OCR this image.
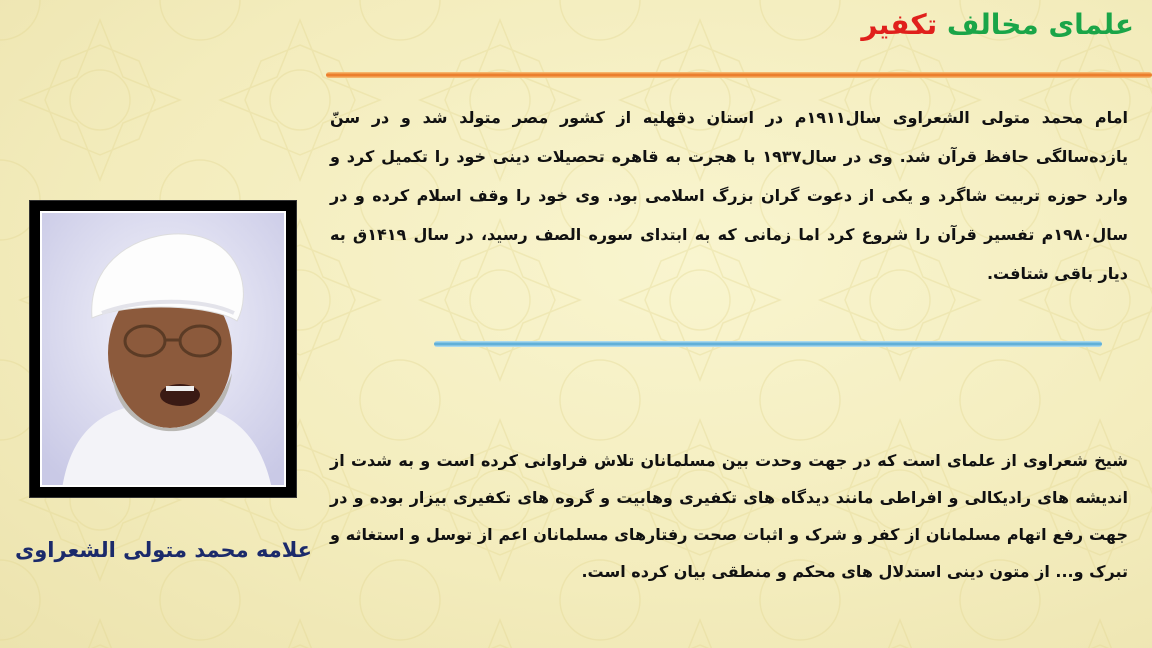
علمای مخالف تکفیر
امام محمد متولی الشعراوی سال۱۹۱۱م در استان دقهلیه از کشور مصر متولد شد و در سنّ یازده‌سالگی حافظ قرآن شد. وی در سال۱۹۳۷ با هجرت به قاهره تحصیلات دینی خود را تکمیل کرد و وارد حوزه تربیت شاگرد و یکی از دعوت گران بزرگ اسلامی بود. وی خود را وقف اسلام کرده و در سال۱۹۸۰م تفسیر قرآن را شروع کرد اما زمانی که به ابتدای سوره الصف رسید، در سال ۱۴۱۹ق به دیار باقی شتافت.
شیخ شعراوی از علمای است که در جهت وحدت بین مسلمانان تلاش فراوانی کرده است و به شدت از اندیشه های رادیکالی و افراطی مانند دیدگاه های تکفیری وهابیت و گروه های تکفیری بیزار بوده و در جهت رفع اتهام مسلمانان از کفر و شرک و اثبات صحت رفتارهای مسلمانان اعم از توسل و استغاثه و تبرک و... از متون دینی استدلال های محکم و منطقی بیان کرده است.
علامه محمد متولی الشعراوی
